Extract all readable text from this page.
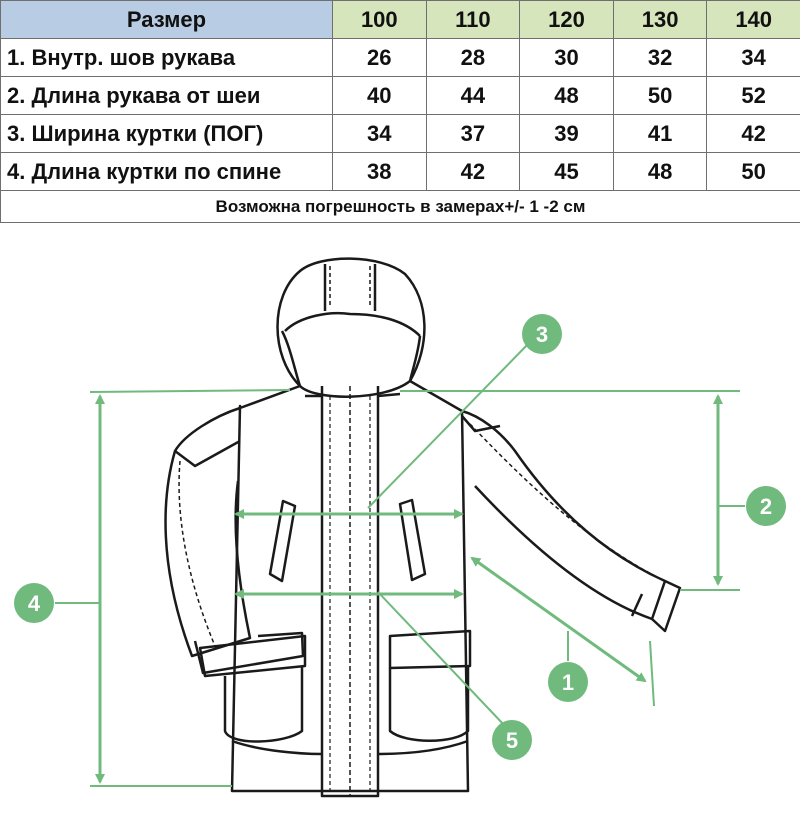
Размер	100	110	120	130	140
1. Внутр. шов рукава	26	28	30	32	34
2. Длина рукава от шеи	40	44	48	50	52
3. Ширина куртки (ПОГ)	34	37	39	41	42
4. Длина куртки по спине	38	42	45	48	50
Возможна погрешность в замерах+/- 1 -2 см					
4
2
3
1
5
